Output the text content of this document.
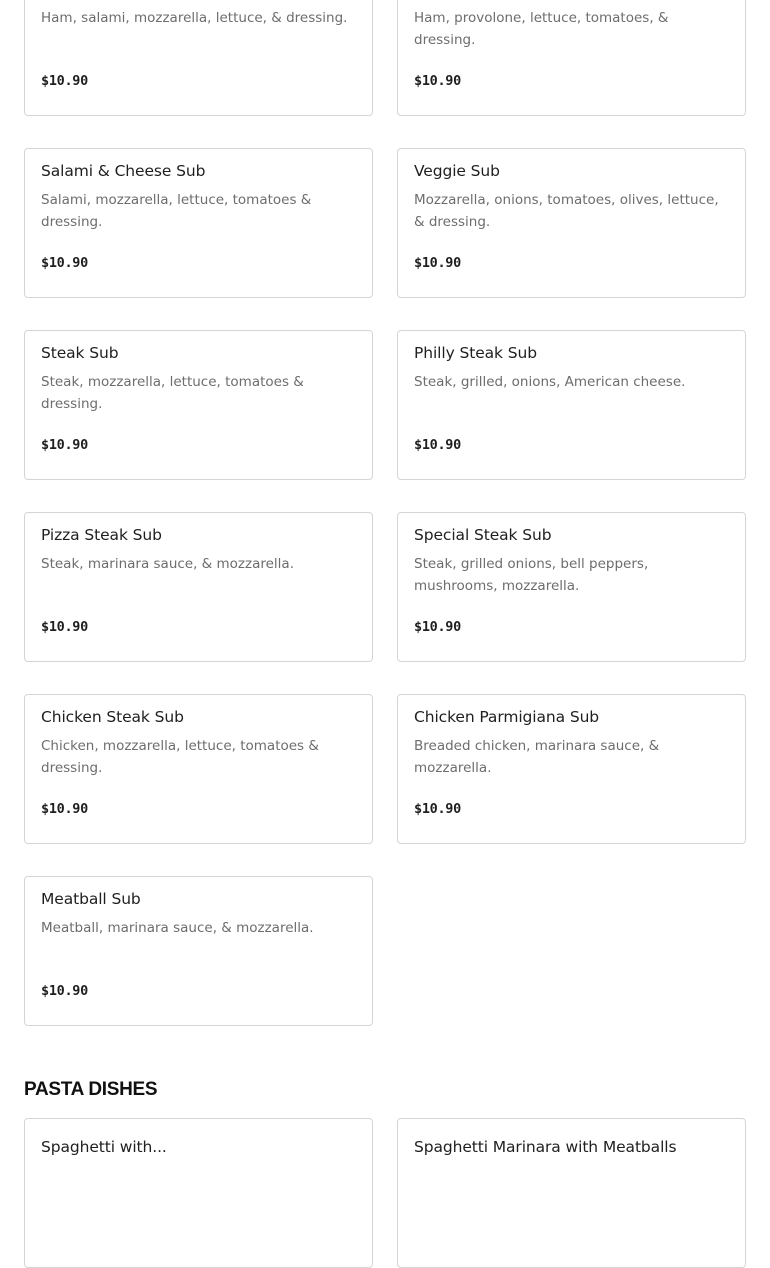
Ham, salami, mozzarella, lettuce, & dressing.
$10.90
Ham, provolone, lettuce, tomatoes, & dressing.
$10.90
Salami & Cheese Sub
Salami, mozzarella, lettuce, tomatoes & dressing.
$10.90
Veggie Sub
Mozzarella, onions, tomatoes, olives, lettuce, & dressing.
$10.90
Steak Sub
Steak, mozzarella, lettuce, tomatoes & dressing.
$10.90
Philly Steak Sub
Steak, grilled, onions, American cheese.
$10.90
Pizza Steak Sub
Steak, marinara sauce, & mozzarella.
$10.90
Special Steak Sub
Steak, grilled onions, bell peppers, mushrooms, mozzarella.
$10.90
Chicken Steak Sub
Chicken, mozzarella, lettuce, tomatoes & dressing.
$10.90
Chicken Parmigiana Sub
Breaded chicken, marinara sauce, & mozzarella.
$10.90
Meatball Sub
Meatball, marinara sauce, & mozzarella.
$10.90
PASTA DISHES
Spaghetti with...	Spaghetti Marinara with Meatballs
